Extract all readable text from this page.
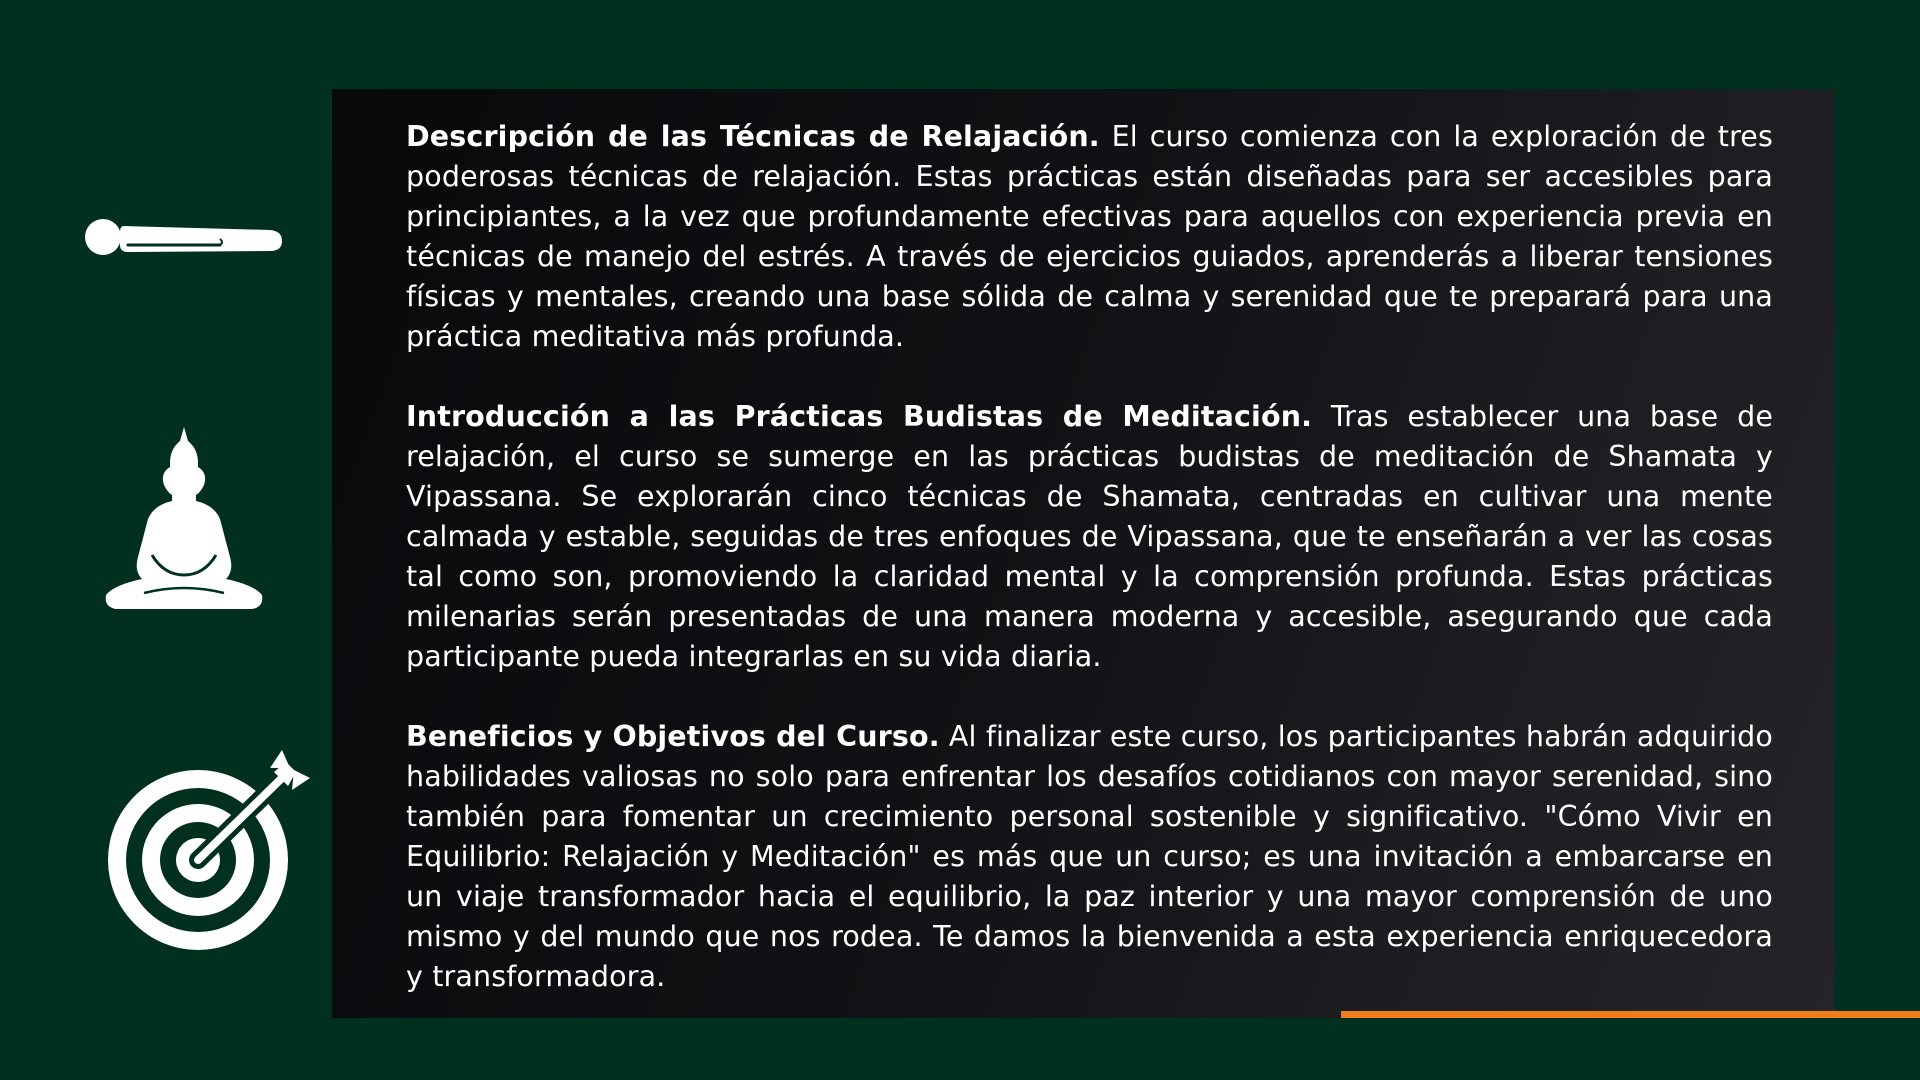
Descripción de las Técnicas de Relajación. El curso comienza con la exploración de tres poderosas técnicas de relajación. Estas prácticas están diseñadas para ser accesibles para principiantes, a la vez que profundamente efectivas para aquellos con experiencia previa en técnicas de manejo del estrés. A través de ejercicios guiados, aprenderás a liberar tensiones físicas y mentales, creando una base sólida de calma y serenidad que te preparará para una práctica meditativa más profunda.

Introducción a las Prácticas Budistas de Meditación. Tras establecer una base de relajación, el curso se sumerge en las prácticas budistas de meditación de Shamata y Vipassana. Se explorarán cinco técnicas de Shamata, centradas en cultivar una mente calmada y estable, seguidas de tres enfoques de Vipassana, que te enseñarán a ver las cosas tal como son, promoviendo la claridad mental y la comprensión profunda. Estas prácticas milenarias serán presentadas de una manera moderna y accesible, asegurando que cada participante pueda integrarlas en su vida diaria.

Beneficios y Objetivos del Curso. Al finalizar este curso, los participantes habrán adquirido habilidades valiosas no solo para enfrentar los desafíos cotidianos con mayor serenidad, sino también para fomentar un crecimiento personal sostenible y significativo. "Cómo Vivir en Equilibrio: Relajación y Meditación" es más que un curso; es una invitación a embarcarse en un viaje transformador hacia el equilibrio, la paz interior y una mayor comprensión de uno mismo y del mundo que nos rodea. Te damos la bienvenida a esta experiencia enriquecedora y transformadora.
